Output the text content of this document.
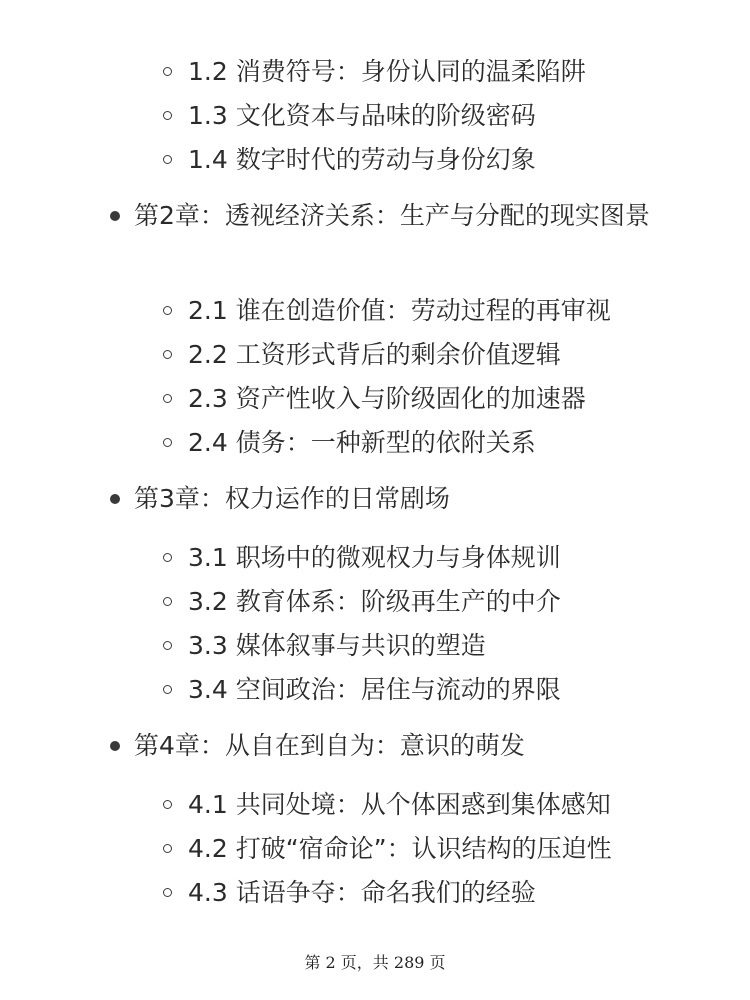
1.2 消费符号：身份认同的温柔陷阱
1.3 文化资本与品味的阶级密码
1.4 数字时代的劳动与身份幻象
第2章：透视经济关系：生产与分配的现实图景
2.1 谁在创造价值：劳动过程的再审视
2.2 工资形式背后的剩余价值逻辑
2.3 资产性收入与阶级固化的加速器
2.4 债务：一种新型的依附关系
第3章：权力运作的日常剧场
3.1 职场中的微观权力与身体规训
3.2 教育体系：阶级再生产的中介
3.3 媒体叙事与共识的塑造
3.4 空间政治：居住与流动的界限
第4章：从自在到自为：意识的萌发
4.1 共同处境：从个体困惑到集体感知
4.2 打破“宿命论”：认识结构的压迫性
4.3 话语争夺：命名我们的经验
第 2 页，共 289 页
